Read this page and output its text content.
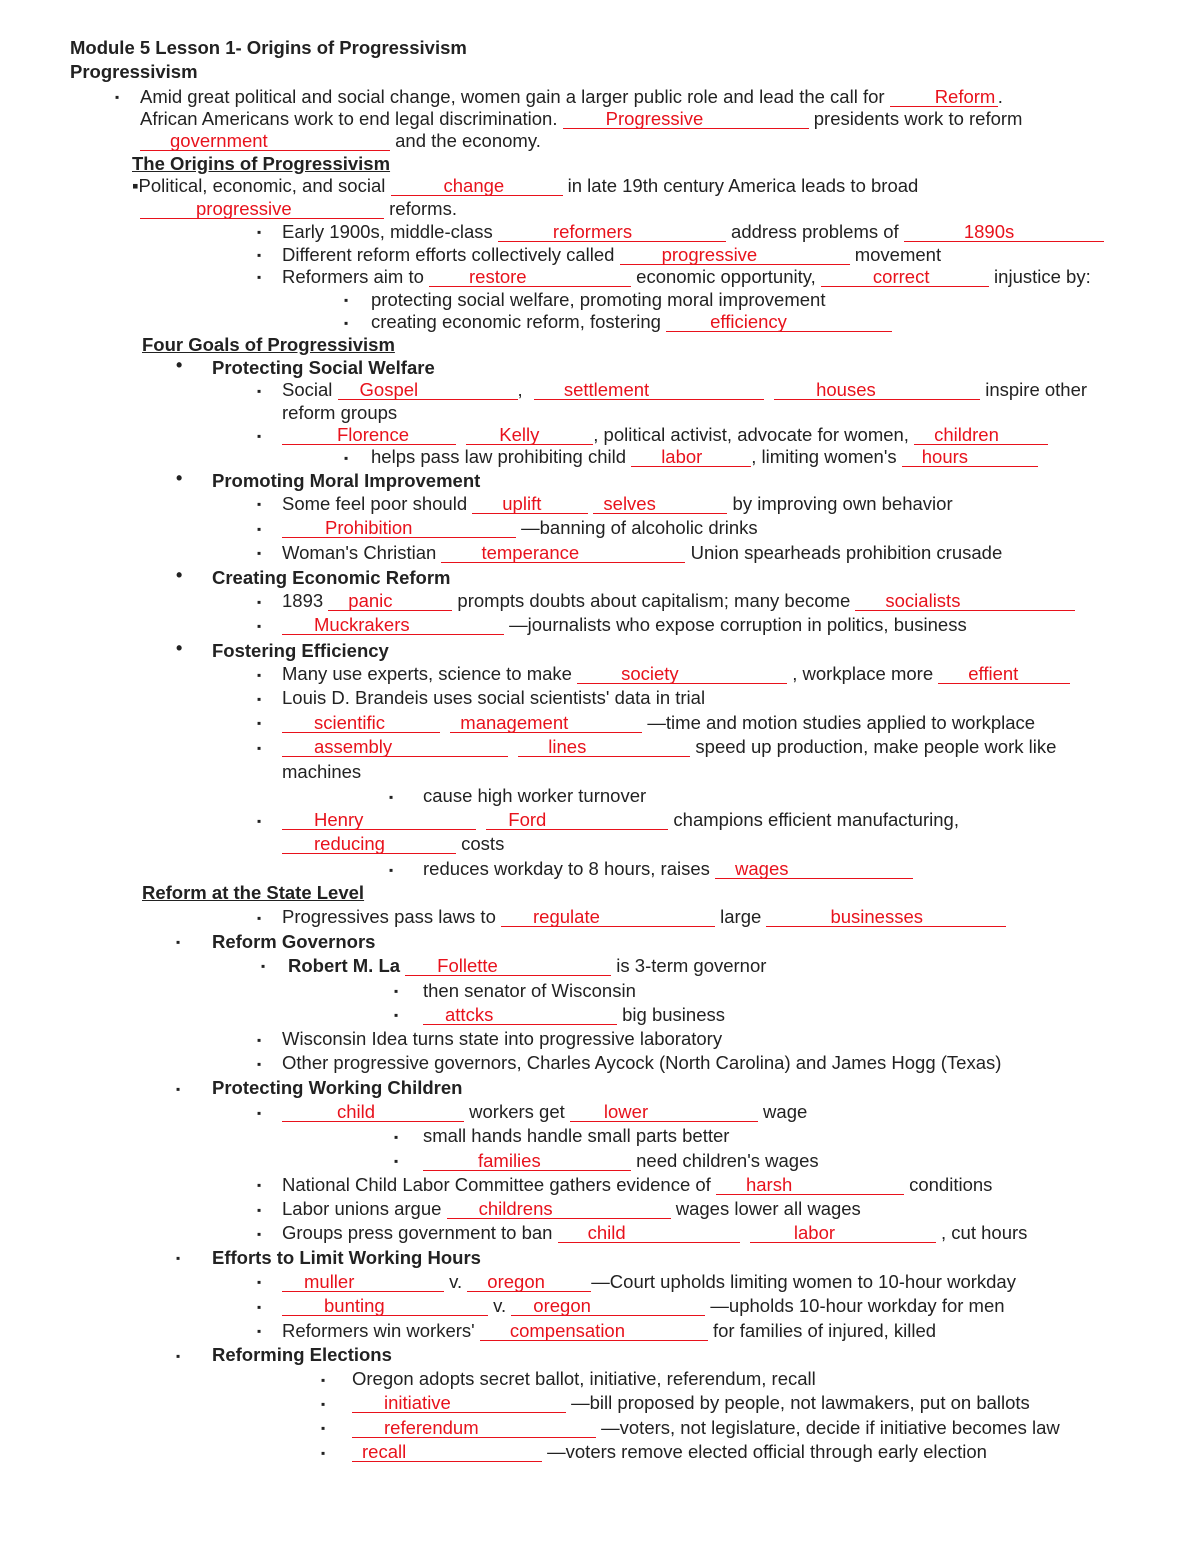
Module 5 Lesson 1- Origins of Progressivism
Progressivism
▪ Amid great political and social change, women gain a larger public role and lead the call for Reform .
African Americans work to end legal discrimination. Progressive	presidents work to reform
government	and the economy.
The Origins of Progressivism
▪Political, economic, and social	change	in late 19th century America leads to broad
progressive	reforms.
▪ Early 1900s, middle-class	reformers	address problems of	1890s
▪ Different reform efforts collectively called progressive	movement
▪ Reformers aim to restore	economic opportunity,	correct	injustice by:
▪ protecting social welfare, promoting moral improvement
▪ creating economic reform, fostering efficiency
Four Goals of Progressivism
• Protecting Social Welfare
▪ Social Gospel	, settlement	houses	inspire other
reform groups
▪	Florence	Kelly	, political activist, advocate for women, children
▪ helps pass law prohibiting child labor	, limiting women's hours
• Promoting Moral Improvement
▪ Some feel poor should uplift	selves	by improving own behavior
▪	Prohibition	—banning of alcoholic drinks
▪ Woman's Christian temperance	Union spearheads prohibition crusade
• Creating Economic Reform
▪ 1893 panic	prompts doubts about capitalism; many become socialists
▪	Muckrakers	—journalists who expose corruption in politics, business
• Fostering Efficiency
▪ Many use experts, science to make society	, workplace more effient
▪ Louis D. Brandeis uses social scientists' data in trial
▪	scientific	management	—time and motion studies applied to workplace
▪	assembly	lines	speed up production, make people work like
machines
▪ cause high worker turnover
▪	Henry	Ford	champions efficient manufacturing,
reducing	costs
▪ reduces workday to 8 hours, raises wages
Reform at the State Level
▪ Progressives pass laws to regulate	large	businesses
▪ Reform Governors
▪ Robert M. La Follette	is 3-term governor
▪ then senator of Wisconsin
▪	attcks	big business
▪ Wisconsin Idea turns state into progressive laboratory
▪ Other progressive governors, Charles Aycock (North Carolina) and James Hogg (Texas)
▪ Protecting Working Children
▪	child	workers get lower	wage
▪ small hands handle small parts better
▪	families	need children's wages
▪ National Child Labor Committee gathers evidence of harsh	conditions
▪ Labor unions argue childrens	wages lower all wages
▪ Groups press government to ban child	labor	, cut hours
▪ Efforts to Limit Working Hours
▪	muller	v. oregon	—Court upholds limiting women to 10-hour workday
▪	bunting	v. oregon	—upholds 10-hour workday for men
▪ Reformers win workers' compensation	for families of injured, killed
▪ Reforming Elections
▪ Oregon adopts secret ballot, initiative, referendum, recall
▪	initiative	—bill proposed by people, not lawmakers, put on ballots
▪	referendum	—voters, not legislature, decide if initiative becomes law
▪	recall	—voters remove elected official through early election
